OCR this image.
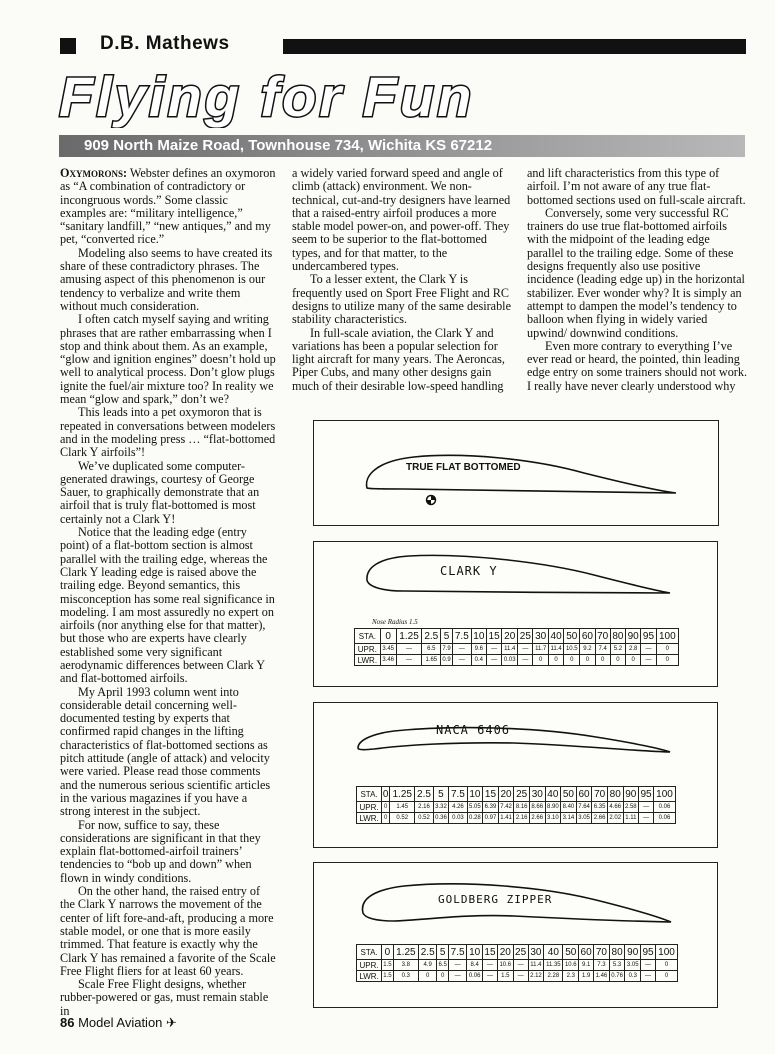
D.B. Mathews
Flying for Fun
909 North Maize Road, Townhouse 734, Wichita KS 67212

Oxymorons: Webster defines an oxymoron as “A combination of contradictory or incongruous words.” Some classic examples are: “military intelligence,” “sanitary landfill,” “new antiques,” and my pet, “converted rice.”

Modeling also seems to have created its share of these contradictory phrases. The amusing aspect of this phenomenon is our tendency to verbalize and write them without much consideration.

I often catch myself saying and writing phrases that are rather embarrassing when I stop and think about them. As an example, “glow and ignition engines” doesn’t hold up well to analytical process. Don’t glow plugs ignite the fuel/air mixture too? In reality we mean “glow and spark,” don’t we?

This leads into a pet oxymoron that is repeated in conversations between modelers and in the modeling press … “flat-bottomed Clark Y airfoils”!

We’ve duplicated some computer-generated drawings, courtesy of George Sauer, to graphically demonstrate that an airfoil that is truly flat-bottomed is most certainly not a Clark Y!

Notice that the leading edge (entry point) of a flat-bottom section is almost parallel with the trailing edge, whereas the Clark Y leading edge is raised above the trailing edge. Beyond semantics, this misconception has some real significance in modeling. I am most assuredly no expert on airfoils (nor anything else for that matter), but those who are experts have clearly established some very significant aerodynamic differences between Clark Y and flat-bottomed airfoils.

My April 1993 column went into considerable detail concerning well-documented testing by experts that confirmed rapid changes in the lifting characteristics of flat-bottomed sections as pitch attitude (angle of attack) and velocity were varied. Please read those comments and the numerous serious scientific articles in the various magazines if you have a strong interest in the subject.

For now, suffice to say, these considerations are significant in that they explain flat-bottomed-airfoil trainers’ tendencies to “bob up and down” when flown in windy conditions.

On the other hand, the raised entry of the Clark Y narrows the movement of the center of lift fore-and-aft, producing a more stable model, or one that is more easily trimmed. That feature is exactly why the Clark Y has remained a favorite of the Scale Free Flight fliers for at least 60 years.

Scale Free Flight designs, whether rubber-powered or gas, must remain stable in

a widely varied forward speed and angle of climb (attack) environment. We non-technical, cut-and-try designers have learned that a raised-entry airfoil produces a more stable model power-on, and power-off. They seem to be superior to the flat-bottomed types, and for that matter, to the undercambered types.

To a lesser extent, the Clark Y is frequently used on Sport Free Flight and RC designs to utilize many of the same desirable stability characteristics.

In full-scale aviation, the Clark Y and variations has been a popular selection for light aircraft for many years. The Aeroncas, Piper Cubs, and many other designs gain much of their desirable low-speed handling

and lift characteristics from this type of airfoil. I’m not aware of any true flat-bottomed sections used on full-scale aircraft.

Conversely, some very successful RC trainers do use true flat-bottomed airfoils with the midpoint of the leading edge parallel to the trailing edge. Some of these designs frequently also use positive incidence (leading edge up) in the horizontal stabilizer. Ever wonder why? It is simply an attempt to dampen the model’s tendency to balloon when flying in widely varied upwind/ downwind conditions.

Even more contrary to everything I’ve ever read or heard, the pointed, thin leading edge entry on some trainers should not work. I really have never clearly understood why

TRUE FLAT BOTTOMED
CLARK Y
Nose Radius 1.5
STA.	0	1.25	2.5	5	7.5	10	15	20	25	30	40	50	60	70	80	90	95	100
UPR.	3.45	—	6.5	7.9	—	9.6	—	11.4	—	11.7	11.4	10.5	9.2	7.4	5.2	2.8	—	0
LWR.	3.46	—	1.65	0.9	—	0.4	—	0.03	—	0	0	0	0	0	0	0	—	0
NACA 6406
STA.	0	1.25	2.5	5	7.5	10	15	20	25	30	40	50	60	70	80	90	95	100
UPR.	0	1.45	2.16	3.32	4.26	5.05	6.39	7.42	8.16	8.66	8.90	8.40	7.64	6.35	4.66	2.58	—	0.06
LWR.	0	0.52	0.52	0.36	0.03	0.28	0.97	1.41	2.16	2.66	3.10	3.14	3.05	2.66	2.02	1.11	—	0.06
GOLDBERG ZIPPER
STA.	0	1.25	2.5	5	7.5	10	15	20	25	30	40	50	60	70	80	90	95	100
UPR.	1.5	3.8	4.9	6.5	—	8.4	—	10.6	—	11.4	11.35	10.6	9.1	7.3	5.3	3.05	—	0
LWR.	1.5	0.3	0	0	—	0.06	—	1.5	—	2.12	2.28	2.3	1.9	1.46	0.76	0.3	—	0
86 Model Aviation ✈
